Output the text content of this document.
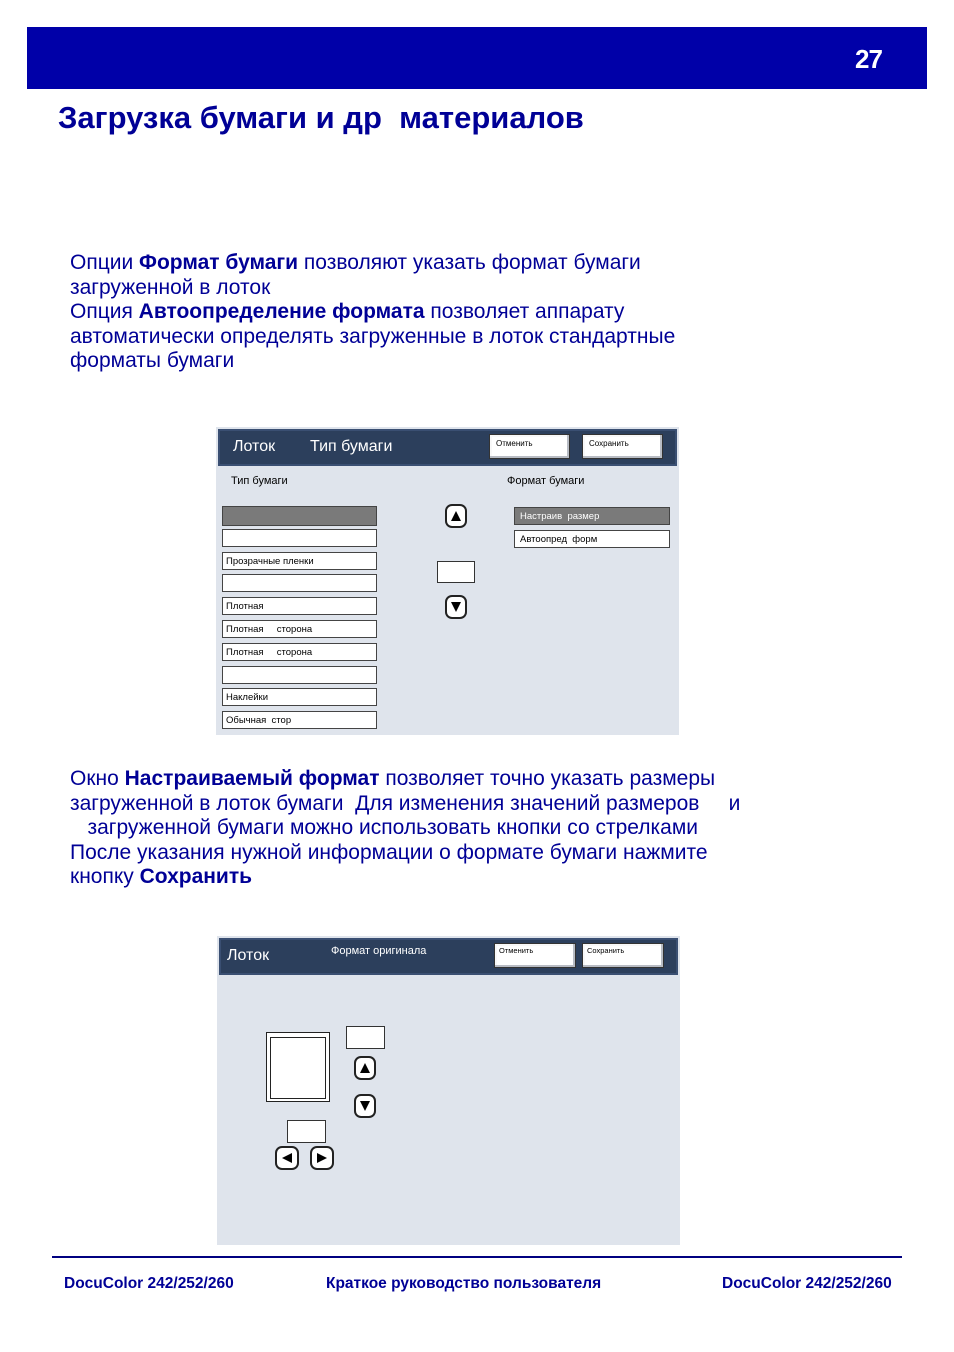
27
Загрузка бумаги и др  материалов
Опции Формат бумаги позволяют указать формат бумаги
загруженной в лоток
Опция Автоопределение формата позволяет аппарату
автоматически определять загруженные в лоток стандартные
форматы бумаги
Лоток Тип бумаги	Отменить	Сохранить
Тип бумаги	Формат бумаги
Прозрачные пленки
Плотная
Плотная     сторона
Плотная     сторона
Наклейки
Обычная  стор
Настраив  размер
Автоопред  форм
Окно Настраиваемый формат позволяет точно указать размеры
загруженной в лоток бумаги  Для изменения значений размеров     и
загруженной бумаги можно использовать кнопки со стрелками
После указания нужной информации о формате бумаги нажмите
кнопку Сохранить
Лоток	Формат оригинала	Отменить	Сохранить
DocuColor 242/252/260	Краткое руководство пользователя	DocuColor 242/252/260
